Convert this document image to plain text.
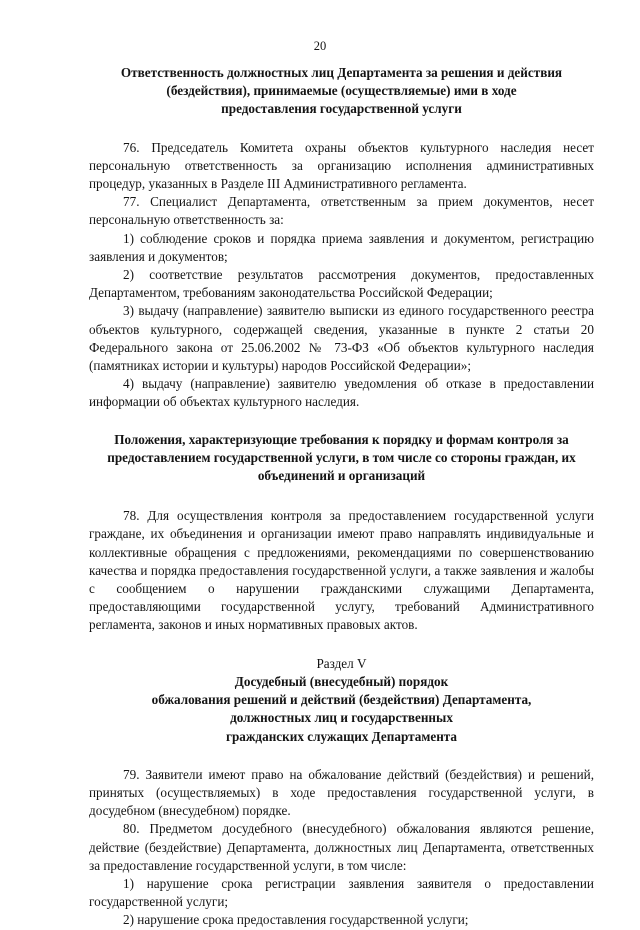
20
Ответственность должностных лиц Департамента за решения и действия
(бездействия), принимаемые (осуществляемые) ими в ходе
предоставления государственной услуги

76. Председатель Комитета охраны объектов культурного наследия несет персональную ответственность за организацию исполнения административных процедур, указанных в Разделе III Административного регламента.

77. Специалист Департамента, ответственным за прием документов, несет персональную ответственность за:

1) соблюдение сроков и порядка приема заявления и документом, регистрацию заявления и документов;

2) соответствие результатов рассмотрения документов, предоставленных Департаментом, требованиям законодательства Российской Федерации;

3) выдачу (направление) заявителю выписки из единого государственного реестра объектов культурного, содержащей сведения, указанные в пункте 2 статьи 20 Федерального закона от 25.06.2002 № 73-ФЗ «Об объектов культурного наследия (памятниках истории и культуры) народов Российской Федерации»;

4) выдачу (направление) заявителю уведомления об отказе в предоставлении информации об объектах культурного наследия.

Положения, характеризующие требования к порядку и формам контроля за
предоставлением государственной услуги, в том числе со стороны граждан, их
объединений и организаций

78. Для осуществления контроля за предоставлением государственной услуги граждане, их объединения и организации имеют право направлять индивидуальные и коллективные обращения с предложениями, рекомендациями по совершенствованию качества и порядка предоставления государственной услуги, а также заявления и жалобы с сообщением о нарушении гражданскими служащими Департамента, предоставляющими государственной услугу, требований Административного регламента, законов и иных нормативных правовых актов.

Раздел V
Досудебный (внесудебный) порядок
обжалования решений и действий (бездействия) Департамента,
должностных лиц и государственных
гражданских служащих Департамента

79. Заявители имеют право на обжалование действий (бездействия) и решений, принятых (осуществляемых) в ходе предоставления государственной услуги, в досудебном (внесудебном) порядке.

80. Предметом досудебного (внесудебного) обжалования являются решение, действие (бездействие) Департамента, должностных лиц Департамента, ответственных за предоставление государственной услуги, в том числе:

1) нарушение срока регистрации заявления заявителя о предоставлении государственной услуги;

2) нарушение срока предоставления государственной услуги;
